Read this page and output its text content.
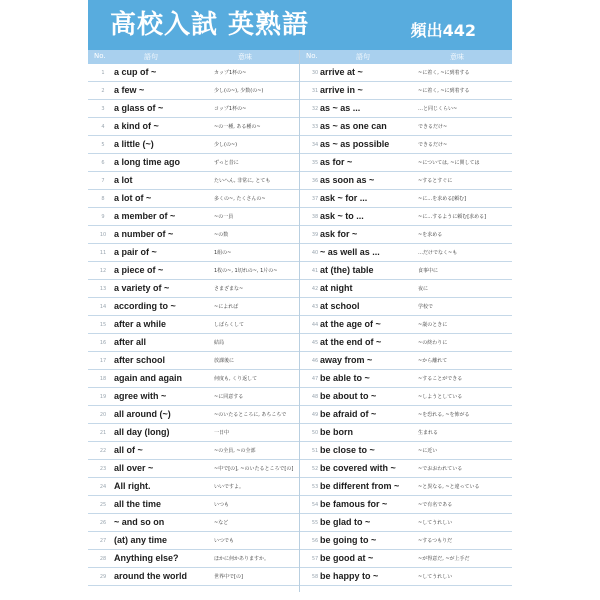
高校入試 英熟語	頻出442
No.	語句	意味
1	a cup of ~	カップ1杯の~
2	a few ~	少し(の~), 少数(の~)
3	a glass of ~	コップ1杯の~
4	a kind of ~	~の一種, ある種の~
5	a little (~)	少し(の~)
6	a long time ago	ずっと昔に
7	a lot	たいへん, 非常に, とても
8	a lot of ~	多くの~, たくさんの~
9	a member of ~	~の一員
10 a number of ~	~の数
11 a pair of ~	1組の~
12 a piece of ~	1枚の~, 1切れの~, 1片の~
13 a variety of ~	さまざまな~
14 according to ~	~によれば
15 after a while	しばらくして
16 after all	結局
17 after school	放課後に
18 again and again	何度も, くり返して
19 agree with ~	~に同意する
20 all around (~)	~のいたるところに, あちこちで
21 all day (long)	一日中
22 all of ~	~の全員, ~の全部
23 all over ~	~中で[の], ~のいたるところで[の]
24 All right.	いいですよ。
25 all the time	いつも
26 ~ and so on	~など
27 (at) any time	いつでも
28 Anything else?	ほかに何かありますか。
29 around the world	世界中で[の]
No.	語句	意味
30 arrive at ~	~に着く, ~に到着する
31 arrive in ~	~に着く, ~に到着する
32 as ~ as ...	…と同じくらい~
33 as ~ as one can	できるだけ~
34 as ~ as possible	できるだけ~
35 as for ~	~については, ~に関しては
36 as soon as ~	~するとすぐに
37 ask ~ for ...	~に…を求める[頼む]
38 ask ~ to ...	~に…するように頼む[求める]
39 ask for ~	~を求める
40 ~ as well as ...	…だけでなく~も
41 at (the) table	食事中に
42 at night	夜に
43 at school	学校で
44 at the age of ~	~歳のときに
45 at the end of ~	~の終わりに
46 away from ~	~から離れて
47 be able to ~	~することができる
48 be about to ~	~しようとしている
49 be afraid of ~	~を恐れる, ~を怖がる
50 be born	生まれる
51 be close to ~	~に近い
52 be covered with ~	~でおおわれている
53 be different from ~	~と異なる, ~と違っている
54 be famous for ~	~で有名である
55 be glad to ~	~してうれしい
56 be going to ~	~するつもりだ
57 be good at ~	~が得意だ, ~が上手だ
58 be happy to ~	~してうれしい
